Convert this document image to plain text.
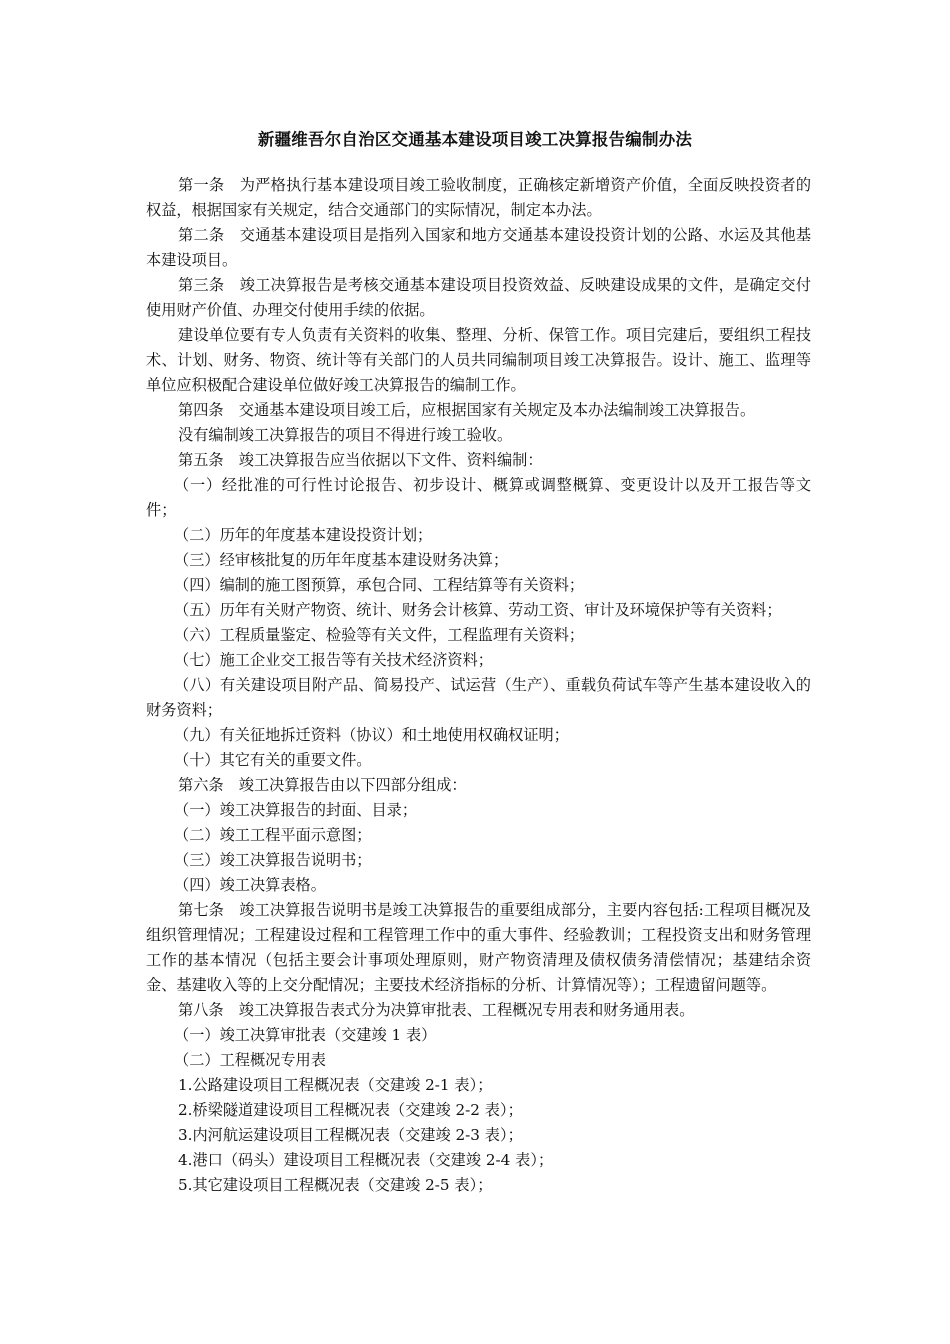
新疆维吾尔自治区交通基本建设项目竣工决算报告编制办法

第一条　为严格执行基本建设项目竣工验收制度，正确核定新增资产价值，全面反映投资者的权益，根据国家有关规定，结合交通部门的实际情况，制定本办法。

第二条　交通基本建设项目是指列入国家和地方交通基本建设投资计划的公路、水运及其他基本建设项目。

第三条　竣工决算报告是考核交通基本建设项目投资效益、反映建设成果的文件，是确定交付使用财产价值、办理交付使用手续的依据。

建设单位要有专人负责有关资料的收集、整理、分析、保管工作。项目完建后，要组织工程技术、计划、财务、物资、统计等有关部门的人员共同编制项目竣工决算报告。设计、施工、监理等单位应积极配合建设单位做好竣工决算报告的编制工作。

第四条　交通基本建设项目竣工后，应根据国家有关规定及本办法编制竣工决算报告。

没有编制竣工决算报告的项目不得进行竣工验收。

第五条　竣工决算报告应当依据以下文件、资料编制：

（一）经批准的可行性讨论报告、初步设计、概算或调整概算、变更设计以及开工报告等文件；

（二）历年的年度基本建设投资计划；

（三）经审核批复的历年年度基本建设财务决算；

（四）编制的施工图预算，承包合同、工程结算等有关资料；

（五）历年有关财产物资、统计、财务会计核算、劳动工资、审计及环境保护等有关资料；

（六）工程质量鉴定、检验等有关文件，工程监理有关资料；

（七）施工企业交工报告等有关技术经济资料；

（八）有关建设项目附产品、简易投产、试运营（生产）、重载负荷试车等产生基本建设收入的财务资料；

（九）有关征地拆迁资料（协议）和土地使用权确权证明；

（十）其它有关的重要文件。

第六条　竣工决算报告由以下四部分组成：

（一）竣工决算报告的封面、目录；

（二）竣工工程平面示意图；

（三）竣工决算报告说明书；

（四）竣工决算表格。

第七条　竣工决算报告说明书是竣工决算报告的重要组成部分，主要内容包括:工程项目概况及组织管理情况；工程建设过程和工程管理工作中的重大事件、经验教训；工程投资支出和财务管理工作的基本情况（包括主要会计事项处理原则，财产物资清理及债权债务清偿情况；基建结余资金、基建收入等的上交分配情况；主要技术经济指标的分析、计算情况等）；工程遗留问题等。

第八条　竣工决算报告表式分为决算审批表、工程概况专用表和财务通用表。

（一）竣工决算审批表（交建竣 1 表）

（二）工程概况专用表

1.公路建设项目工程概况表（交建竣 2-1 表）；

2.桥梁隧道建设项目工程概况表（交建竣 2-2 表）；

3.内河航运建设项目工程概况表（交建竣 2-3 表）；

4.港口（码头）建设项目工程概况表（交建竣 2-4 表）；

5.其它建设项目工程概况表（交建竣 2-5 表）；
